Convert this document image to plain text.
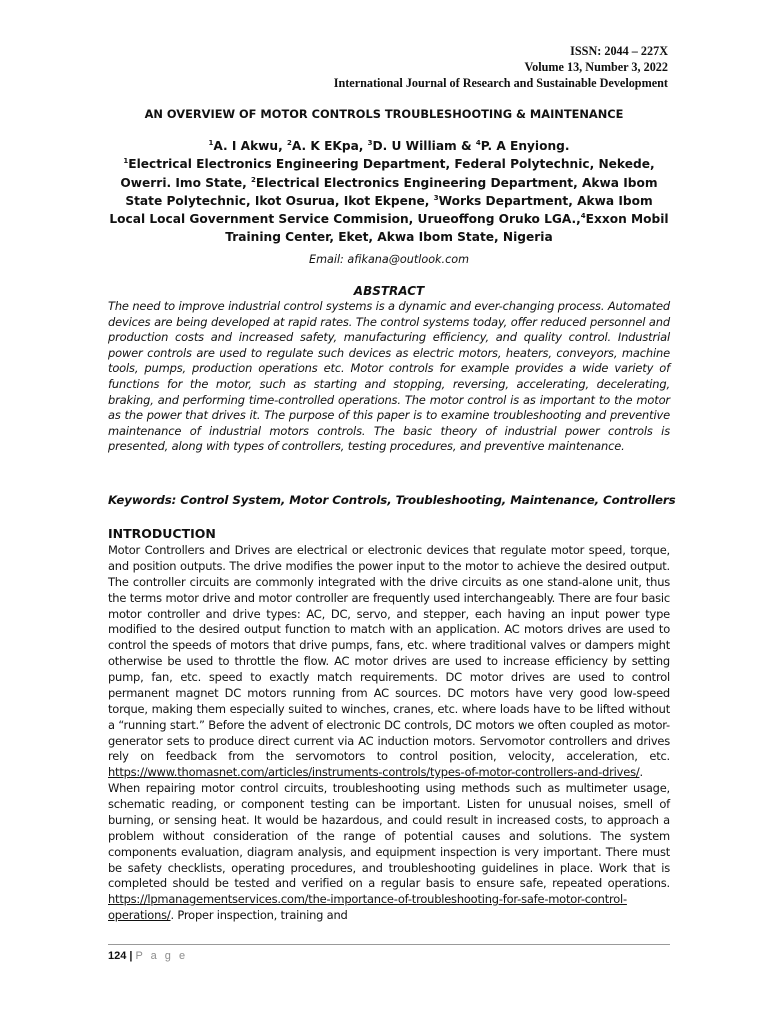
ISSN: 2044 – 227X
Volume 13, Number 3, 2022
International Journal of Research and Sustainable Development
AN OVERVIEW OF MOTOR CONTROLS TROUBLESHOOTING & MAINTENANCE
$^1$A. I Akwu, $^2$A. K EKpa, $^3$D. U William & $^4$P. A Enyiong.
$^1$Electrical Electronics Engineering Department, Federal Polytechnic, Nekede, Owerri. Imo State, $^2$Electrical Electronics Engineering Department, Akwa Ibom State Polytechnic, Ikot Osurua, Ikot Ekpene, $^3$Works Department, Akwa Ibom Local Local Government Service Commision, Urueoffong Oruko LGA.,$^4$Exxon Mobil Training Center, Eket, Akwa Ibom State, Nigeria
Email: afikana@outlook.com
ABSTRACT

The need to improve industrial control systems is a dynamic and ever-changing process. Automated devices are being developed at rapid rates. The control systems today, offer reduced personnel and production costs and increased safety, manufacturing efficiency, and quality control. Industrial power controls are used to regulate such devices as electric motors, heaters, conveyors, machine tools, pumps, production operations etc. Motor controls for example provides a wide variety of functions for the motor, such as starting and stopping, reversing, accelerating, decelerating, braking, and performing time-controlled operations. The motor control is as important to the motor as the power that drives it. The purpose of this paper is to examine troubleshooting and preventive maintenance of industrial motors controls. The basic theory of industrial power controls is presented, along with types of controllers, testing procedures, and preventive maintenance.

Keywords: Control System, Motor Controls, Troubleshooting, Maintenance, Controllers
INTRODUCTION

Motor Controllers and Drives are electrical or electronic devices that regulate motor speed, torque, and position outputs. The drive modifies the power input to the motor to achieve the desired output. The controller circuits are commonly integrated with the drive circuits as one stand-alone unit, thus the terms motor drive and motor controller are frequently used interchangeably. There are four basic motor controller and drive types: AC, DC, servo, and stepper, each having an input power type modified to the desired output function to match with an application. AC motors drives are used to control the speeds of motors that drive pumps, fans, etc. where traditional valves or dampers might otherwise be used to throttle the flow. AC motor drives are used to increase efficiency by setting pump, fan, etc. speed to exactly match requirements. DC motor drives are used to control permanent magnet DC motors running from AC sources. DC motors have very good low-speed torque, making them especially suited to winches, cranes, etc. where loads have to be lifted without a “running start.” Before the advent of electronic DC controls, DC motors we often coupled as motor-generator sets to produce direct current via AC induction motors. Servomotor controllers and drives rely on feedback from the servomotors to control position, velocity, acceleration, etc. https://www.thomasnet.com/articles/instruments-controls/types-of-motor-controllers-and-drives/. When repairing motor control circuits, troubleshooting using methods such as multimeter usage, schematic reading, or component testing can be important. Listen for unusual noises, smell of burning, or sensing heat. It would be hazardous, and could result in increased costs, to approach a problem without consideration of the range of potential causes and solutions. The system components evaluation, diagram analysis, and equipment inspection is very important. There must be safety checklists, operating procedures, and troubleshooting guidelines in place. Work that is completed should be tested and verified on a regular basis to ensure safe, repeated operations. https://lpmanagementservices.com/the-importance-of-troubleshooting-for-safe-motor-control-operations/. Proper inspection, training and

124 | P a g e
